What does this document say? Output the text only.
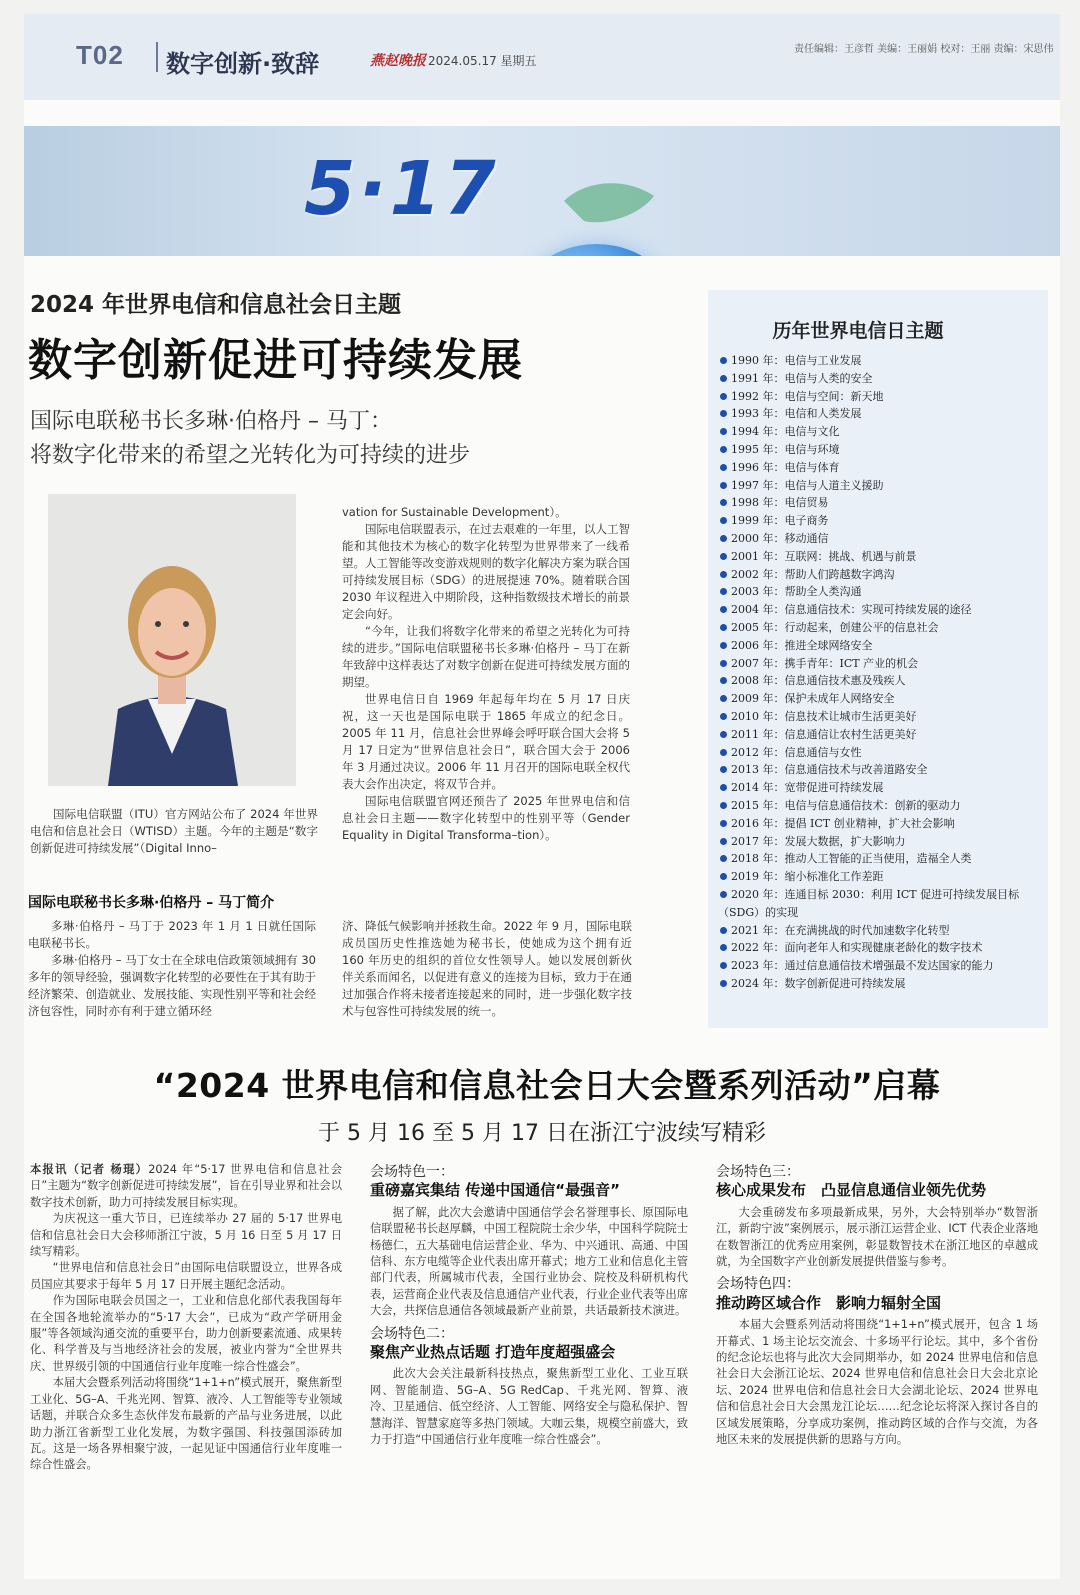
T02 数字创新·致辞	燕赵晚报 2024.05.17 星期五
责任编辑：王彦哲 美编：王丽娟 校对：王丽 责编：宋思伟
5·17
2024 年世界电信和信息社会日主题
数字创新促进可持续发展
国际电联秘书长多琳·伯格丹 – 马丁：
将数字化带来的希望之光转化为可持续的进步

国际电信联盟（ITU）官方网站公布了 2024 年世界电信和信息社会日（WTISD）主题。今年的主题是“数字创新促进可持续发展”（Digital Inno–

vation for Sustainable Development）。

国际电信联盟表示，在过去艰难的一年里，以人工智能和其他技术为核心的数字化转型为世界带来了一线希望。人工智能等改变游戏规则的数字化解决方案为联合国可持续发展目标（SDG）的进展提速 70%。随着联合国 2030 年议程进入中期阶段，这种指数级技术增长的前景定会向好。

“今年，让我们将数字化带来的希望之光转化为可持续的进步。”国际电信联盟秘书长多琳·伯格丹 – 马丁在新年致辞中这样表达了对数字创新在促进可持续发展方面的期望。

世界电信日自 1969 年起每年均在 5 月 17 日庆祝，这一天也是国际电联于 1865 年成立的纪念日。2005 年 11 月，信息社会世界峰会呼吁联合国大会将 5 月 17 日定为“世界信息社会日”，联合国大会于 2006 年 3 月通过决议。2006 年 11 月召开的国际电联全权代表大会作出决定，将双节合并。

国际电信联盟官网还预告了 2025 年世界电信和信息社会日主题——数字化转型中的性别平等（Gender Equality in Digital Transforma–tion）。

国际电联秘书长多琳·伯格丹 – 马丁简介

多琳·伯格丹 – 马丁于 2023 年 1 月 1 日就任国际电联秘书长。

多琳·伯格丹 – 马丁女士在全球电信政策领域拥有 30 多年的领导经验，强调数字化转型的必要性在于其有助于经济繁荣、创造就业、发展技能、实现性别平等和社会经济包容性，同时亦有利于建立循环经

济、降低气候影响并拯救生命。2022 年 9 月，国际电联成员国历史性推选她为秘书长，使她成为这个拥有近 160 年历史的组织的首位女性领导人。她以发展创新伙伴关系而闻名，以促进有意义的连接为目标，致力于在通过加强合作将未接者连接起来的同时，进一步强化数字技术与包容性可持续发展的统一。

历年世界电信日主题
1990 年：电信与工业发展
1991 年：电信与人类的安全
1992 年：电信与空间：新天地
1993 年：电信和人类发展
1994 年：电信与文化
1995 年：电信与环境
1996 年：电信与体育
1997 年：电信与人道主义援助
1998 年：电信贸易
1999 年：电子商务
2000 年：移动通信
2001 年：互联网：挑战、机遇与前景
2002 年：帮助人们跨越数字鸿沟
2003 年：帮助全人类沟通
2004 年：信息通信技术：实现可持续发展的途径
2005 年：行动起来，创建公平的信息社会
2006 年：推进全球网络安全
2007 年：携手青年：ICT 产业的机会
2008 年：信息通信技术惠及残疾人
2009 年：保护未成年人网络安全
2010 年：信息技术让城市生活更美好
2011 年：信息通信让农村生活更美好
2012 年：信息通信与女性
2013 年：信息通信技术与改善道路安全
2014 年：宽带促进可持续发展
2015 年：电信与信息通信技术：创新的驱动力
2016 年：提倡 ICT 创业精神，扩大社会影响
2017 年：发展大数据，扩大影响力
2018 年：推动人工智能的正当使用，造福全人类
2019 年：缩小标准化工作差距
2020 年：连通目标 2030：利用 ICT 促进可持续发展目标（SDG）的实现
2021 年：在充满挑战的时代加速数字化转型
2022 年：面向老年人和实现健康老龄化的数字技术
2023 年：通过信息通信技术增强最不发达国家的能力
2024 年：数字创新促进可持续发展
“2024 世界电信和信息社会日大会暨系列活动”启幕
于 5 月 16 至 5 月 17 日在浙江宁波续写精彩

本报讯（记者 杨琨）2024 年“5·17 世界电信和信息社会日”主题为“数字创新促进可持续发展”，旨在引导业界和社会以数字技术创新，助力可持续发展目标实现。

为庆祝这一重大节日，已连续举办 27 届的 5·17 世界电信和信息社会日大会移师浙江宁波，5 月 16 日至 5 月 17 日续写精彩。

“世界电信和信息社会日”由国际电信联盟设立，世界各成员国应其要求于每年 5 月 17 日开展主题纪念活动。

作为国际电联会员国之一，工业和信息化部代表我国每年在全国各地轮流举办的“5·17 大会”，已成为“政产学研用金服”等各领域沟通交流的重要平台，助力创新要素流通、成果转化、科学普及与当地经济社会的发展，被业内誉为“全世界共庆、世界级引领的中国通信行业年度唯一综合性盛会”。

本届大会暨系列活动将围绕“1+1+n”模式展开，聚焦新型工业化、5G–A、千兆光网、智算、液冷、人工智能等专业领域话题，并联合众多生态伙伴发布最新的产品与业务进展，以此助力浙江省新型工业化发展，为数字强国、科技强国添砖加瓦。这是一场各界相聚宁波，一起见证中国通信行业年度唯一综合性盛会。

会场特色一：
重磅嘉宾集结 传递中国通信“最强音”

据了解，此次大会邀请中国通信学会名誉理事长、原国际电信联盟秘书长赵厚麟，中国工程院院士余少华，中国科学院院士杨德仁，五大基础电信运营企业、华为、中兴通讯、高通、中国信科、东方电缆等企业代表出席开幕式；地方工业和信息化主管部门代表，所属城市代表，全国行业协会、院校及科研机构代表，运营商企业代表及信息通信产业代表，行业企业代表等出席大会，共探信息通信各领域最新产业前景，共话最新技术演进。

会场特色二：
聚焦产业热点话题 打造年度超强盛会

此次大会关注最新科技热点，聚焦新型工业化、工业互联网、智能制造、5G–A、5G RedCap、千兆光网、智算、液冷、卫星通信、低空经济、人工智能、网络安全与隐私保护、智慧海洋、智慧家庭等多热门领域。大咖云集，规模空前盛大，致力于打造“中国通信行业年度唯一综合性盛会”。

会场特色三：
核心成果发布　凸显信息通信业领先优势

大会重磅发布多项最新成果，另外，大会特别举办“数智浙江，新韵宁波”案例展示，展示浙江运营企业、ICT 代表企业落地在数智浙江的优秀应用案例，彰显数智技术在浙江地区的卓越成就，为全国数字产业创新发展提供借鉴与参考。

会场特色四：
推动跨区域合作　影响力辐射全国

本届大会暨系列活动将围绕“1+1+n”模式展开，包含 1 场开幕式、1 场主论坛交流会、十多场平行论坛。其中，多个省份的纪念论坛也将与此次大会同期举办，如 2024 世界电信和信息社会日大会浙江论坛、2024 世界电信和信息社会日大会北京论坛、2024 世界电信和信息社会日大会湖北论坛、2024 世界电信和信息社会日大会黑龙江论坛……纪念论坛将深入探讨各自的区域发展策略，分享成功案例，推动跨区域的合作与交流，为各地区未来的发展提供新的思路与方向。
